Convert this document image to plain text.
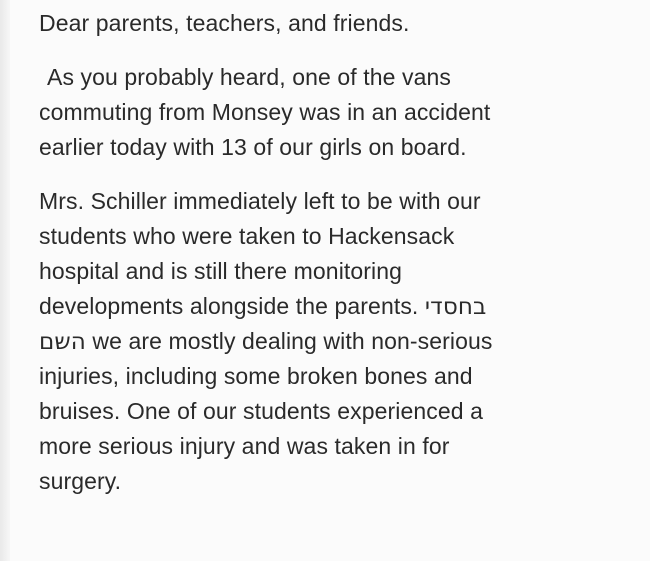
Dear parents, teachers, and friends.
As you probably heard, one of the vans
commuting from Monsey was in an accident
earlier today with 13 of our girls on board.
Mrs. Schiller immediately left to be with our
students who were taken to Hackensack
hospital and is still there monitoring
developments alongside the parents. בחסדי
השם we are mostly dealing with non-serious
injuries, including some broken bones and
bruises. One of our students experienced a
more serious injury and was taken in for
surgery.
